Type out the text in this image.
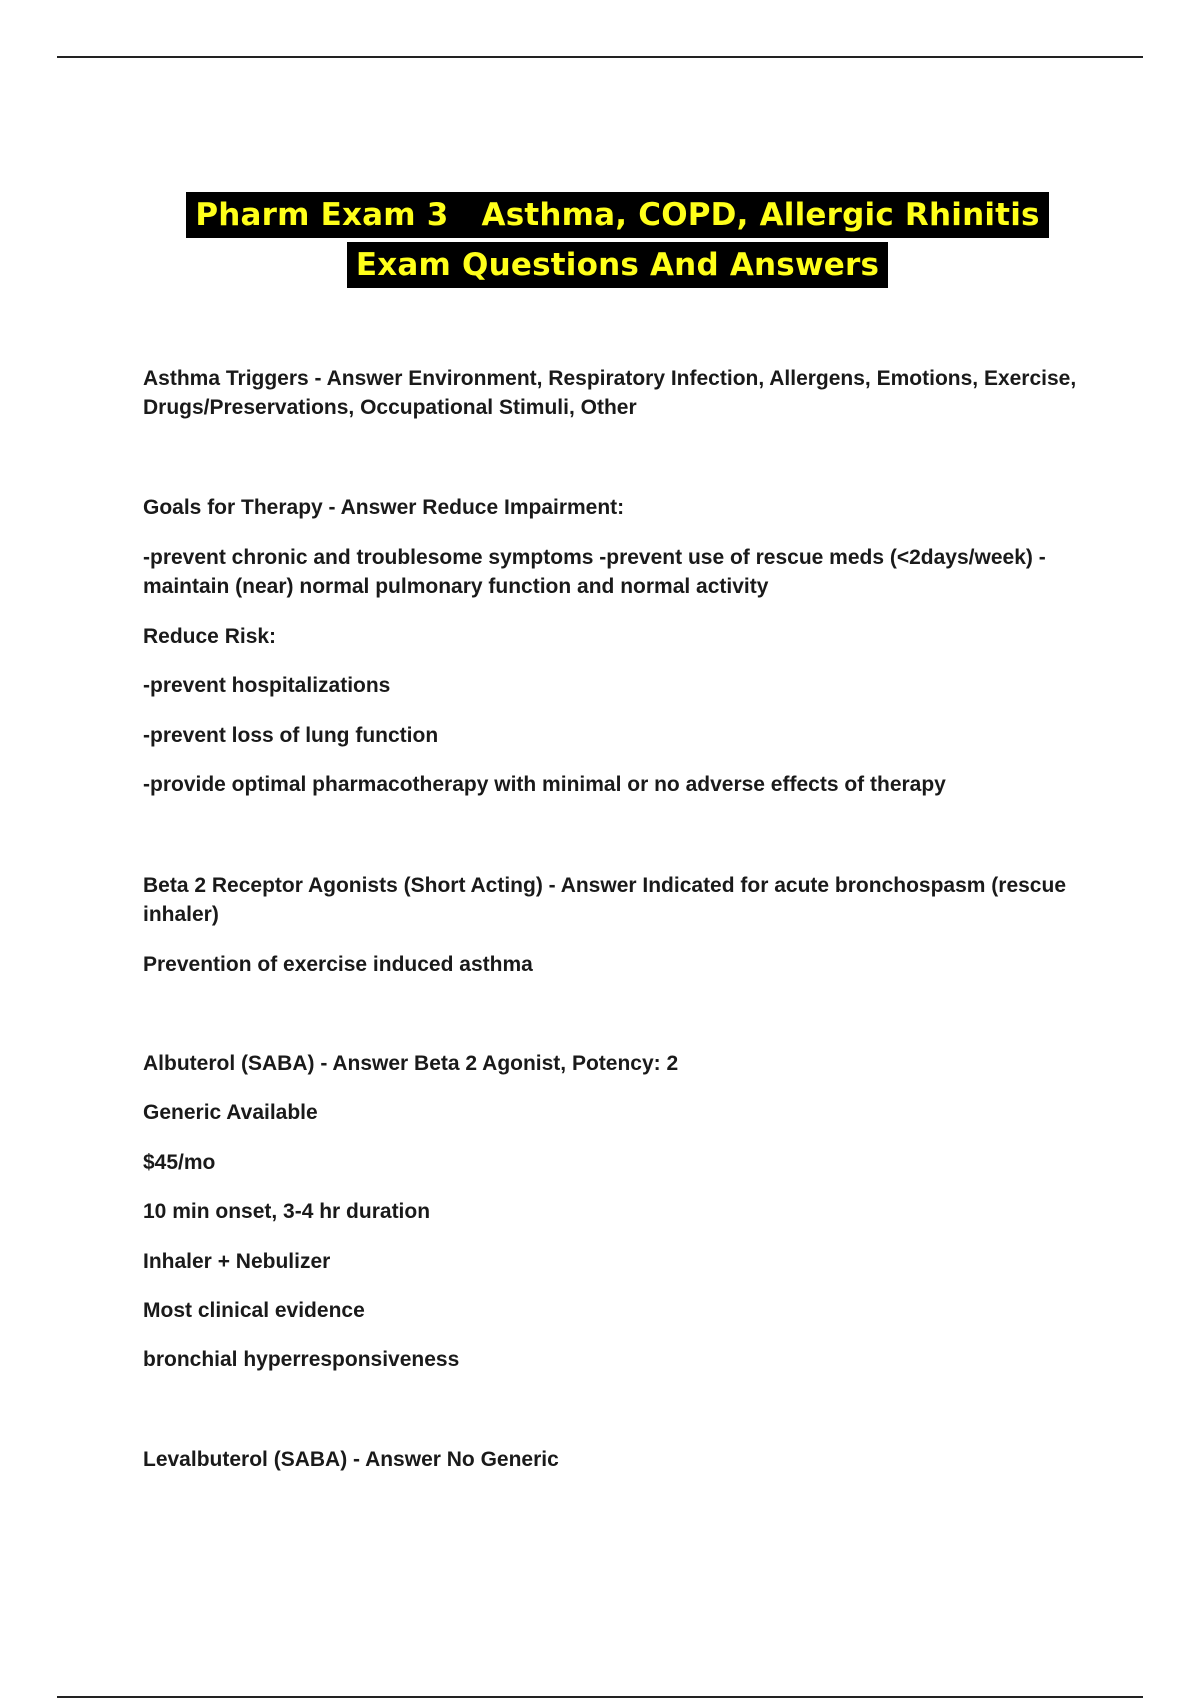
Pharm Exam 3   Asthma, COPD, Allergic Rhinitis
Exam Questions And Answers

Asthma Triggers - Answer Environment, Respiratory Infection, Allergens, Emotions, Exercise, Drugs/Preservations, Occupational Stimuli, Other

Goals for Therapy - Answer Reduce Impairment:

-prevent chronic and troublesome symptoms -prevent use of rescue meds (<2days/week) -maintain (near) normal pulmonary function and normal activity

Reduce Risk:

-prevent hospitalizations

-prevent loss of lung function

-provide optimal pharmacotherapy with minimal or no adverse effects of therapy

Beta 2 Receptor Agonists (Short Acting) - Answer Indicated for acute bronchospasm (rescue inhaler)

Prevention of exercise induced asthma

Albuterol (SABA) - Answer Beta 2 Agonist, Potency: 2

Generic Available

$45/mo

10 min onset, 3-4 hr duration

Inhaler + Nebulizer

Most clinical evidence

bronchial hyperresponsiveness

Levalbuterol (SABA) - Answer No Generic
